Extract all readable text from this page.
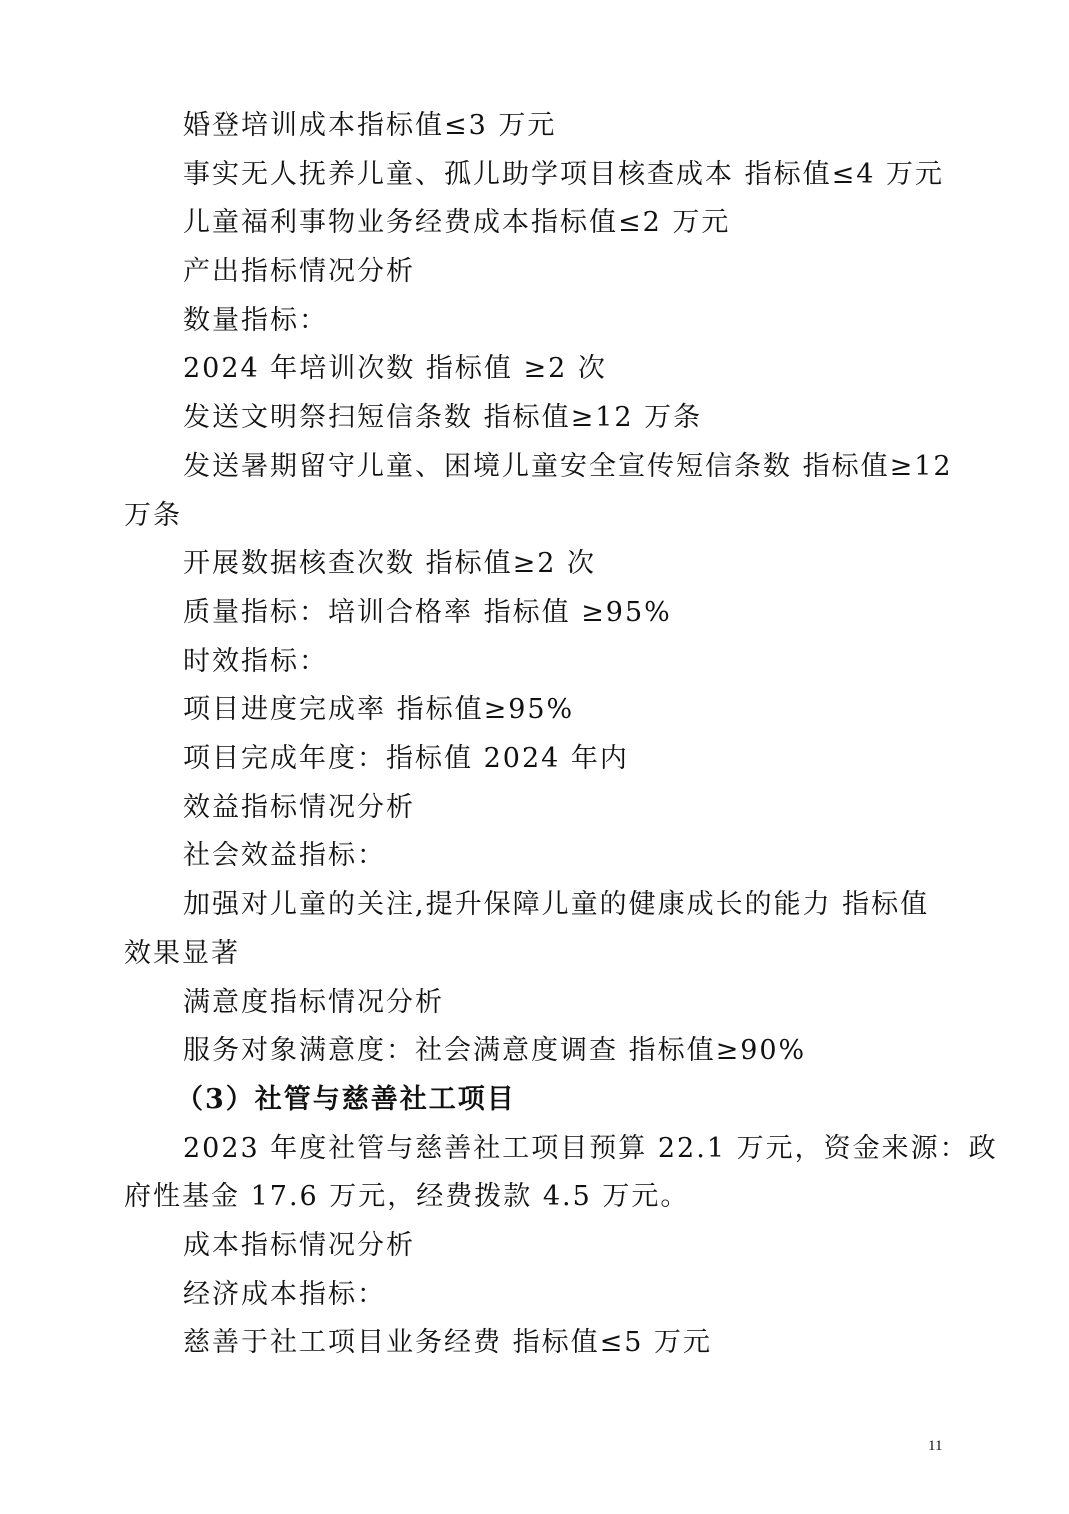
婚登培训成本指标值≤3 万元
事实无人抚养儿童、孤儿助学项目核查成本 指标值≤4 万元
儿童福利事物业务经费成本指标值≤2 万元
产出指标情况分析
数量指标：
2024 年培训次数 指标值 ≥2 次
发送文明祭扫短信条数 指标值≥12 万条
发送暑期留守儿童、困境儿童安全宣传短信条数 指标值≥12
万条
开展数据核查次数 指标值≥2 次
质量指标：培训合格率 指标值 ≥95%
时效指标：
项目进度完成率 指标值≥95%
项目完成年度：指标值 2024 年内
效益指标情况分析
社会效益指标：
加强对儿童的关注,提升保障儿童的健康成长的能力 指标值
效果显著
满意度指标情况分析
服务对象满意度：社会满意度调查 指标值≥90%
（3）社管与慈善社工项目
2023 年度社管与慈善社工项目预算 22.1 万元，资金来源：政
府性基金 17.6 万元，经费拨款 4.5 万元。
成本指标情况分析
经济成本指标：
慈善于社工项目业务经费 指标值≤5 万元
11
